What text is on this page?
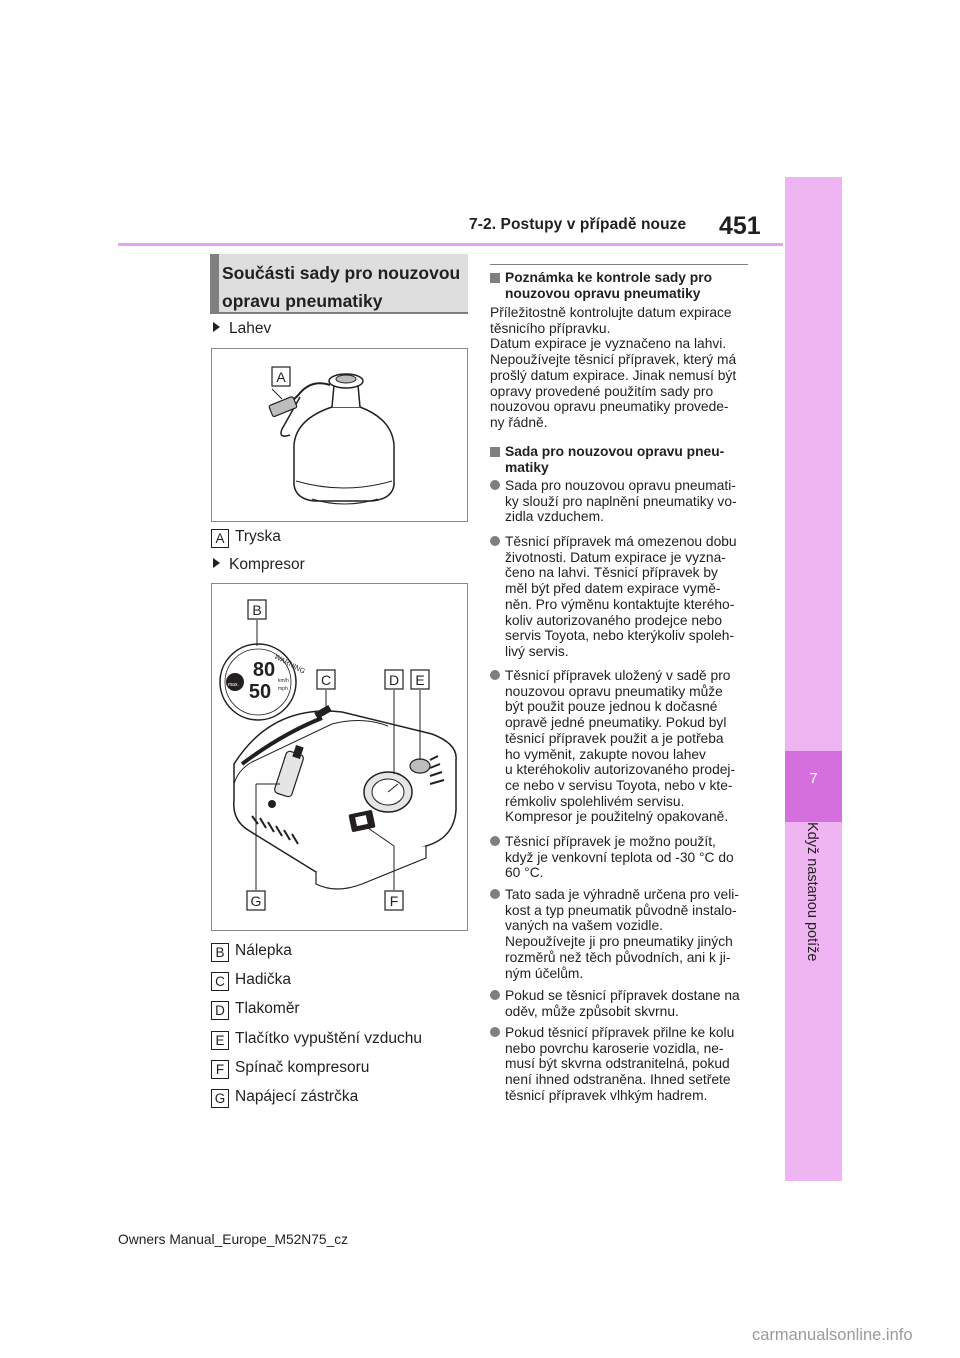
7-2. Postupy v případě nouze 451
7
Když nastanou potíže
Součásti sady pro nouzovou
opravu pneumatiky
Lahev
A
A Tryska
Kompresor
80
50
WARNING
km/h
mph
max.
B
C	D E
G	F
B Nálepka
C Hadička
D Tlakoměr
E Tlačítko vypuštění vzduchu
F Spínač kompresoru
G Napájecí zástrčka
Poznámka ke kontrole sady pro
nouzovou opravu pneumatiky
Příležitostně kontrolujte datum expirace
těsnicího přípravku.
Datum expirace je vyznačeno na lahvi.
Nepoužívejte těsnicí přípravek, který má
prošlý datum expirace. Jinak nemusí být
opravy provedené použitím sady pro
nouzovou opravu pneumatiky provede-
ny řádně.
Sada pro nouzovou opravu pneu-
matiky
Sada pro nouzovou opravu pneumati-
ky slouží pro naplnění pneumatiky vo-
zidla vzduchem.
Těsnicí přípravek má omezenou dobu
životnosti. Datum expirace je vyzna-
čeno na lahvi. Těsnicí přípravek by
měl být před datem expirace vymě-
něn. Pro výměnu kontaktujte kterého-
koliv autorizovaného prodejce nebo
servis Toyota, nebo kterýkoliv spoleh-
livý servis.
Těsnicí přípravek uložený v sadě pro
nouzovou opravu pneumatiky může
být použit pouze jednou k dočasné
opravě jedné pneumatiky. Pokud byl
těsnicí přípravek použit a je potřeba
ho vyměnit, zakupte novou lahev
u kteréhokoliv autorizovaného prodej-
ce nebo v servisu Toyota, nebo v kte-
rémkoliv spolehlivém servisu.
Kompresor je použitelný opakovaně.
Těsnicí přípravek je možno použít,
když je venkovní teplota od -30 °C do
60 °C.
Tato sada je výhradně určena pro veli-
kost a typ pneumatik původně instalo-
vaných na vašem vozidle.
Nepoužívejte ji pro pneumatiky jiných
rozměrů než těch původních, ani k ji-
ným účelům.
Pokud se těsnicí přípravek dostane na
oděv, může způsobit skvrnu.
Pokud těsnicí přípravek přilne ke kolu
nebo povrchu karoserie vozidla, ne-
musí být skvrna odstranitelná, pokud
není ihned odstraněna. Ihned setřete
těsnicí přípravek vlhkým hadrem.
Owners Manual_Europe_M52N75_cz
carmanualsonline.info
